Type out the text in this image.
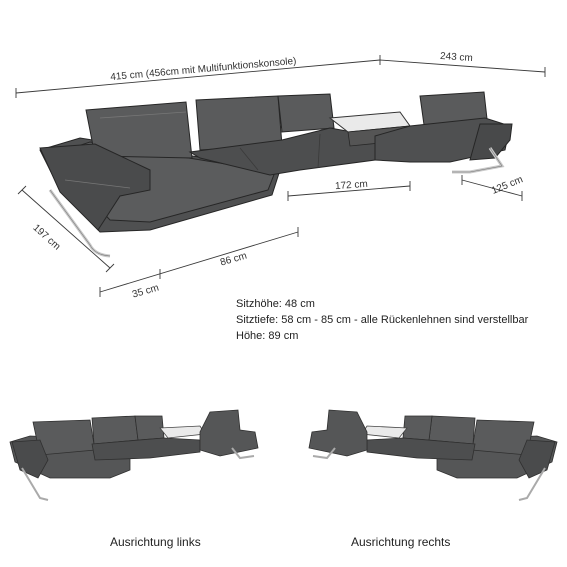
415 cm (456cm mit Multifunktionskonsole)	243 cm
197 cm
172 cm	125 cm
86 cm
35 cm
Sitzhöhe: 48 cm
Sitztiefe: 58 cm - 85 cm - alle Rückenlehnen sind verstellbar
Höhe: 89 cm
Ausrichtung links	Ausrichtung rechts
